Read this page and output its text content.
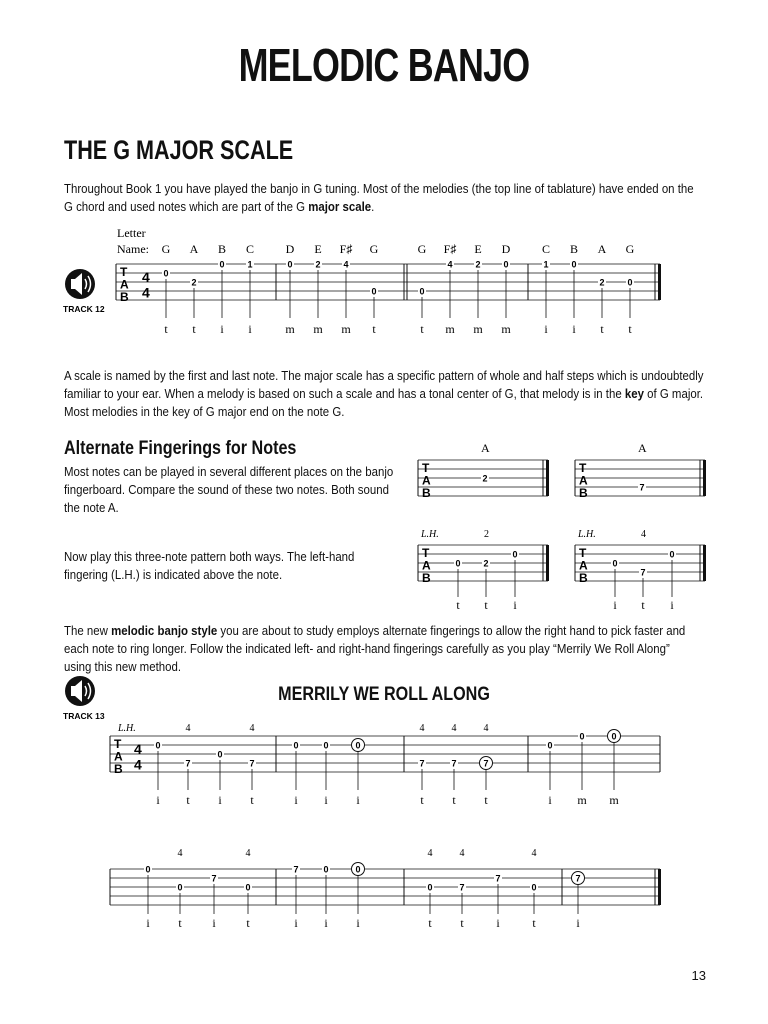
MELODIC BANJO
THE G MAJOR SCALE
Throughout Book 1 you have played the banjo in G tuning. Most of the melodies (the top line of tablature) have ended on the
G chord and used notes which are part of the G major scale.
A scale is named by the first and last note. The major scale has a specific pattern of whole and half steps which is undoubtedly
familiar to your ear. When a melody is based on such a scale and has a tonal center of G, that melody is in the key of G major.
Most melodies in the key of G major end on the note G.
Alternate Fingerings for Notes
Most notes can be played in several different places on the banjo
fingerboard. Compare the sound of these two notes. Both sound
the note A.
Now play this three-note pattern both ways. The left-hand
fingering (L.H.) is indicated above the note.
The new melodic banjo style you are about to study employs alternate fingerings to allow the right hand to pick faster and
each note to ring longer. Follow the indicated left- and right-hand fingerings carefully as you play “Merrily We Roll Along”
using this new method.
MERRILY WE ROLL ALONG
13
Letter
Name:
TRACK 12
TRACK 13
T
A
B
4
4
G
0
t
A
2
t
B
0
i
C
1
i
D
0
m
E
2
m
F♯
4
m
G
0
t
G
0
t
F♯
4
m
E
2
m
D
0
m
C
1
i
B
0
i
A
2
t
G
0
t
T
A
B
2
T
A
B	7
T
A
B
0
t
2
t
0
i
T
A
B
0
i
7
t
0
i
T
A
B
4
4
0
i
7
t
0
i
7
t
0
i
0
i
0
i
7
t
7
t
7
t
0
i
0
m
0
m
4	4	4	4	4
0
i
0
t
7
i
0
t
7
i
0
i
0
i
0
t
7
t
7
i
0
t
7
i
4	4	4	4	4
A	A
L.H.	2	L.H.	4
L.H.
